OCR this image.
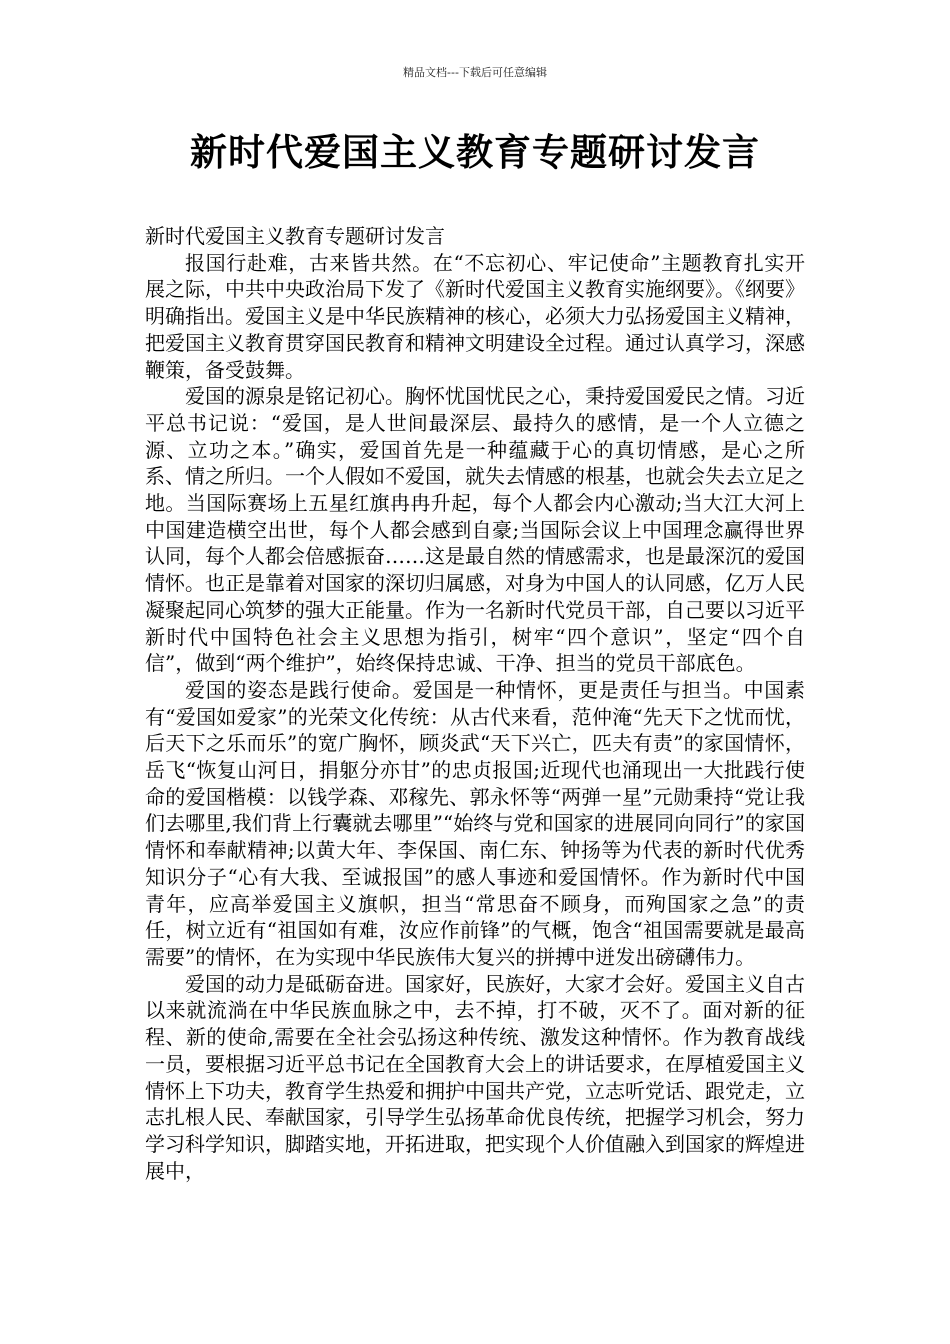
精品文档---下载后可任意编辑
新时代爱国主义教育专题研讨发言

新时代爱国主义教育专题研讨发言

报国行赴难，古来皆共然。在“不忘初心、牢记使命”主题教育扎实开展之际，中共中央政治局下发了《新时代爱国主义教育实施纲要》。《纲要》明确指出。爱国主义是中华民族精神的核心，必须大力弘扬爱国主义精神，把爱国主义教育贯穿国民教育和精神文明建设全过程。通过认真学习，深感鞭策，备受鼓舞。

爱国的源泉是铭记初心。胸怀忧国忧民之心，秉持爱国爱民之情。习近平总书记说：“爱国，是人世间最深层、最持久的感情，是一个人立德之源、立功之本。”确实，爱国首先是一种蕴藏于心的真切情感，是心之所系、情之所归。一个人假如不爱国，就失去情感的根基，也就会失去立足之地。当国际赛场上五星红旗冉冉升起，每个人都会内心激动;当大江大河上中国建造横空出世，每个人都会感到自豪;当国际会议上中国理念赢得世界认同，每个人都会倍感振奋……这是最自然的情感需求，也是最深沉的爱国情怀。也正是靠着对国家的深切归属感，对身为中国人的认同感，亿万人民凝聚起同心筑梦的强大正能量。作为一名新时代党员干部，自己要以习近平新时代中国特色社会主义思想为指引，树牢“四个意识”，坚定“四个自信”，做到“两个维护”，始终保持忠诚、干净、担当的党员干部底色。

爱国的姿态是践行使命。爱国是一种情怀，更是责任与担当。中国素有“爱国如爱家”的光荣文化传统：从古代来看，范仲淹“先天下之忧而忧，后天下之乐而乐”的宽广胸怀，顾炎武“天下兴亡，匹夫有责”的家国情怀，岳飞“恢复山河日，捐躯分亦甘”的忠贞报国;近现代也涌现出一大批践行使命的爱国楷模：以钱学森、邓稼先、郭永怀等“两弹一星”元勋秉持“党让我们去哪里,我们背上行囊就去哪里”“始终与党和国家的进展同向同行”的家国情怀和奉献精神;以黄大年、李保国、南仁东、钟扬等为代表的新时代优秀知识分子“心有大我、至诚报国”的感人事迹和爱国情怀。作为新时代中国青年，应高举爱国主义旗帜，担当“常思奋不顾身，而殉国家之急”的责任，树立近有“祖国如有难，汝应作前锋”的气概，饱含“祖国需要就是最高需要”的情怀，在为实现中华民族伟大复兴的拼搏中迸发出磅礴伟力。

爱国的动力是砥砺奋进。国家好，民族好，大家才会好。爱国主义自古以来就流淌在中华民族血脉之中，去不掉，打不破，灭不了。面对新的征程、新的使命,需要在全社会弘扬这种传统、激发这种情怀。作为教育战线一员，要根据习近平总书记在全国教育大会上的讲话要求，在厚植爱国主义情怀上下功夫，教育学生热爱和拥护中国共产党，立志听党话、跟党走，立志扎根人民、奉献国家，引导学生弘扬革命优良传统，把握学习机会，努力学习科学知识，脚踏实地，开拓进取，把实现个人价值融入到国家的辉煌进展中，
